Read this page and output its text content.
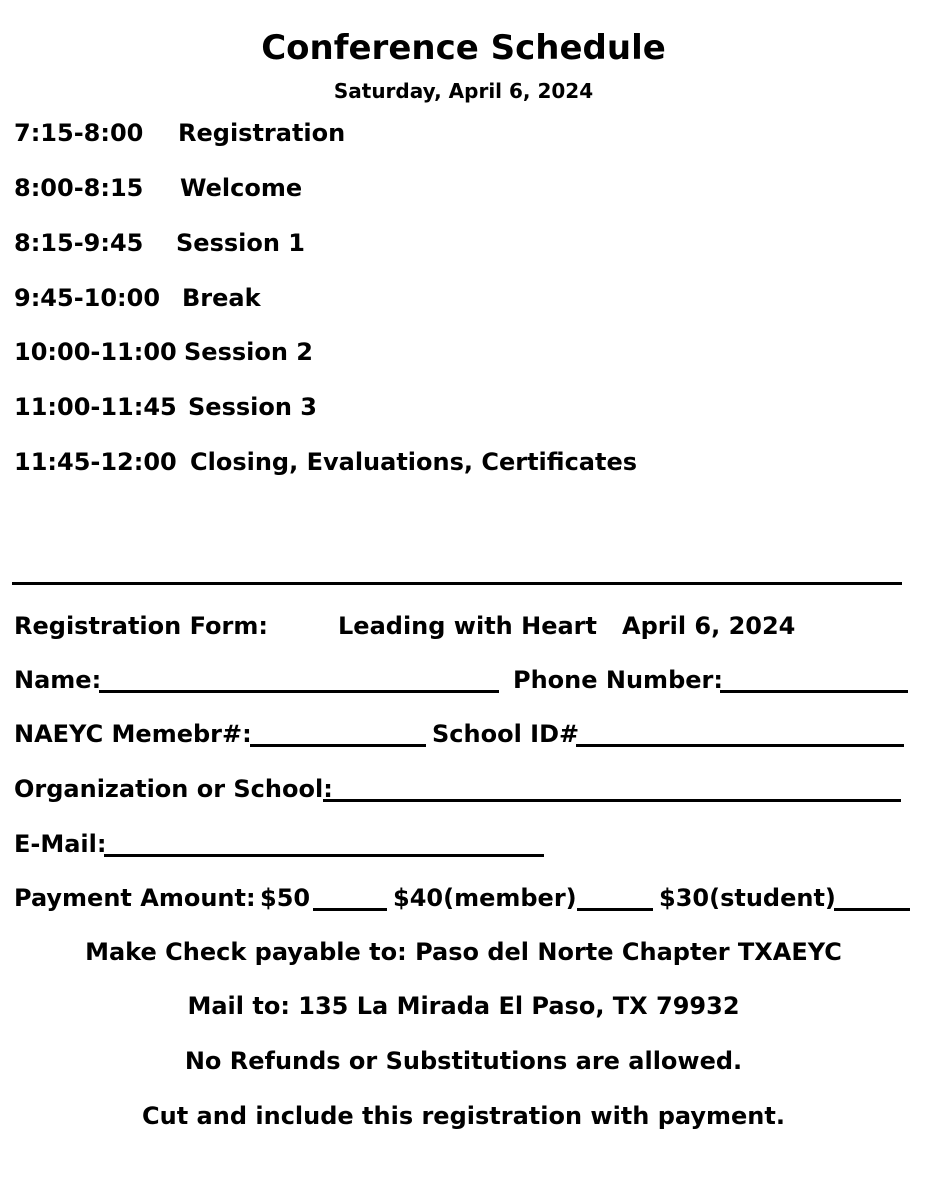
Conference Schedule
Saturday, April 6, 2024
7:15-8:00 Registration
8:00-8:15 Welcome
8:15-9:45 Session 1
9:45-10:00 Break
10:00-11:00 Session 2
11:00-11:45 Session 3
11:45-12:00 Closing, Evaluations, Certificates
Registration Form:	Leading with Heart April 6, 2024
Name:	Phone Number:
NAEYC Memebr#:	School ID#
Organization or School:
E-Mail:
Payment Amount: $50	$40(member)	$30(student)
Make Check payable to: Paso del Norte Chapter TXAEYC
Mail to: 135 La Mirada El Paso, TX 79932
No Refunds or Substitutions are allowed.
Cut and include this registration with payment.
